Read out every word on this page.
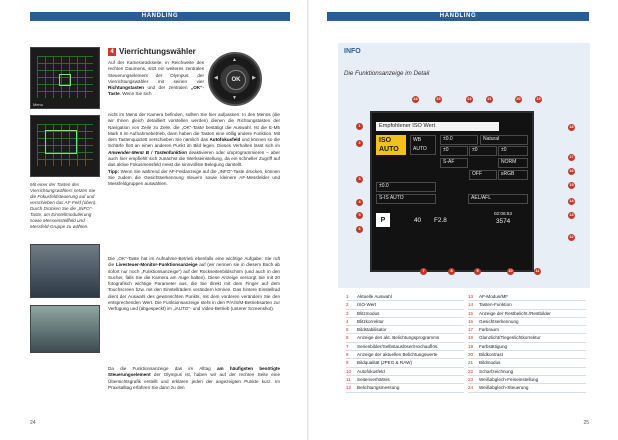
HANDLING
Menu
Mit einer der Tasten des Vierrichtungswählers setzen Sie die Fokusfeldsteuerung auf und verschieben das AF-Feld (oben). Durch Drücken Sie die „INFO“-Taste, um Einstellmodulierung sowie Messeinstellfeld und Messfeld-Gruppe zu wählen.
4 Vierrichtungswähler
▲
▼
◀	▶
OK
Auf der Kamerarückseite, in Reichweite des rechten Daumens, sitzt ein weiteres zentrales Steuerungselement der Olympus: der Vierrichtungswähler mit seinen vier Richtungstasten und der zentralen „OK“-Taste. Wenn Sie sich
nicht im Menü der Kamera befinden, sollten Sie hier aufpassen: In den Menüs (die wir Ihnen gleich detailliert vorstellen werden) dienen die Richtungstasten der Navigation von Zeile zu Zeile, die „OK“-Taste bestätigt die Auswahl. Ist die E-M5 Mark II im Aufnahmebetrieb, dann haben die Tasten eine völlig andere Funktion. Mit dem Tastenquartett verschieben Sie nämlich das Autofokusfeld und können so die Schärfe flott an einen anderen Punkt im Bild legen. Dieses Verhalten lässt sich im Anwender-Menü B / Tastenfunktion deaktivieren oder umprogrammieren – aber auch hier empfiehlt sich zunächst die Werkseinstellung, da ein schneller Zugriff auf das aktive Fokusmessfeld meist die sinnvollste Belegung darstellt.
Tipp: Wenn Sie während der AF-Feldanzeige auf die „INFO“-Taste drücken, können Sie zudem die Gesichtserkennung steuern sowie kleinere AF-Messfelder und Messfeldgruppen auswählen.
Die „OK“-Taste hat im Aufnahme-Betrieb ebenfalls eine wichtige Aufgabe: Sie ruft die Livesteuer-Monitor-Funktionsanzeige auf (wir nennen sie in diesem Buch ab sofort nur noch „Funktionsanzeige“) auf der Rückseitenbildschirm (und auch in den Sucher, falls Sie die Kamera am Auge halten). Diese Anzeige versorgt Sie mit 20 fotografisch wichtige Parameter aus, die Sie direkt mit dem Finger auf dem Touchscreen bzw. mit den Einstellrädern verändern können. Das hintere Einstellrad dient der Auswahl des gewünschten Punkts, mit dem vorderen verändern Sie den entsprechenden Wert. Die Funktionsanzeige steht in den P/A/S/M-Betriebsarten zur Verfügung und (abgespeckt) im „iAUTO“- und Video-Betrieb (unterer Screenshot).
Da die Funktionsanzeige das im Alltag am häufigsten benötigte Steuerungselement der Olympus ist, haben wir auf der rechten Seite eine Übersichtsgrafik erstellt und erklären jeden der angezeigten Punkte kurz. Im Praxisalltag erfahren Sie dann zu den
24
HANDLING
25
INFO
Die Funktionsanzeige im Detail
Empfohlener ISO Wert
ISO AUTO
WB AUTO
±0.0	Natural
±0	±0	±0
S-AF	NORM
OFF	sRGB
±0.0
S-IS AUTO	AEL/AFL
P	40 F2.8
02:06:53
3574
1
2
3
4
5
6
7	8	9	10	11
12
13
14
15
16
17
18
19
20
21
22
23
24
1 Aktuelle Auswahl
2 ISO-Wert
3 Blitzmodus
4 Blitzkorrektur
5 Bildstabilisator
6 Anzeige des akt. Belichtungsprogramms
7 Serienbilder/Selbstauslöser/Hochauflös.
8 Anzeige der aktuellen Belichtungswerte
9 Bildqualität (JPEG & RAW)
10 Autofokusfeld
11 Seitenverhältnis
12 Belichtungsmessung
13 AF-Modus/MF
14 Tasten-Funktion
15 Anzeige der Restbelicht./Restbilder
16 Gesichtserkennung
17 Farbraum
18 Glanzlicht/Tiegenlichtkorrektur
19 Farbsättigung
20 Bildkontrast
21 Bildmodus
22 Scharfzeichnung
23 Weißabglech-Feineinstellung
24 Weißabglech-Steuerung
